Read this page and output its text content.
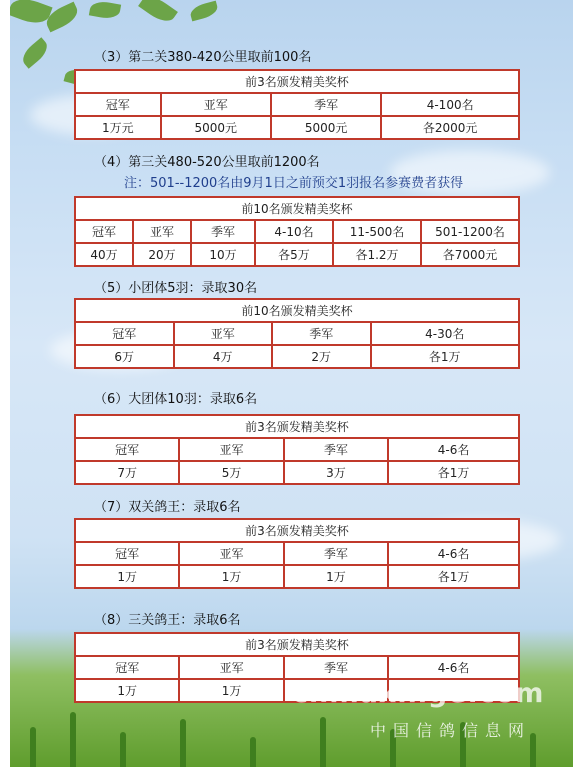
（3）第二关380-420公里取前100名
前3名颁发精美奖杯			
冠军	亚军	季军	4-100名
1万元	5000元	5000元	各2000元
（4）第三关480-520公里取前1200名
注：501--1200名由9月1日之前预交1羽报名参赛费者获得
前10名颁发精美奖杯					
冠军	亚军	季军	4-10名	11-500名	501-1200名
40万	20万	10万	各5万	各1.2万	各7000元
（5）小团体5羽：录取30名
前10名颁发精美奖杯			
冠军	亚军	季军	4-30名
6万	4万	2万	各1万
（6）大团体10羽：录取6名
前3名颁发精美奖杯			
冠军	亚军	季军	4-6名
7万	5万	3万	各1万
（7）双关鸽王：录取6名
前3名颁发精美奖杯			
冠军	亚军	季军	4-6名
1万	1万	1万	各1万
（8）三关鸽王：录取6名
前3名颁发精美奖杯			
冠军	亚军	季军	4-6名
1万	1万		chinaxinge.com
中国信鸽信息网
